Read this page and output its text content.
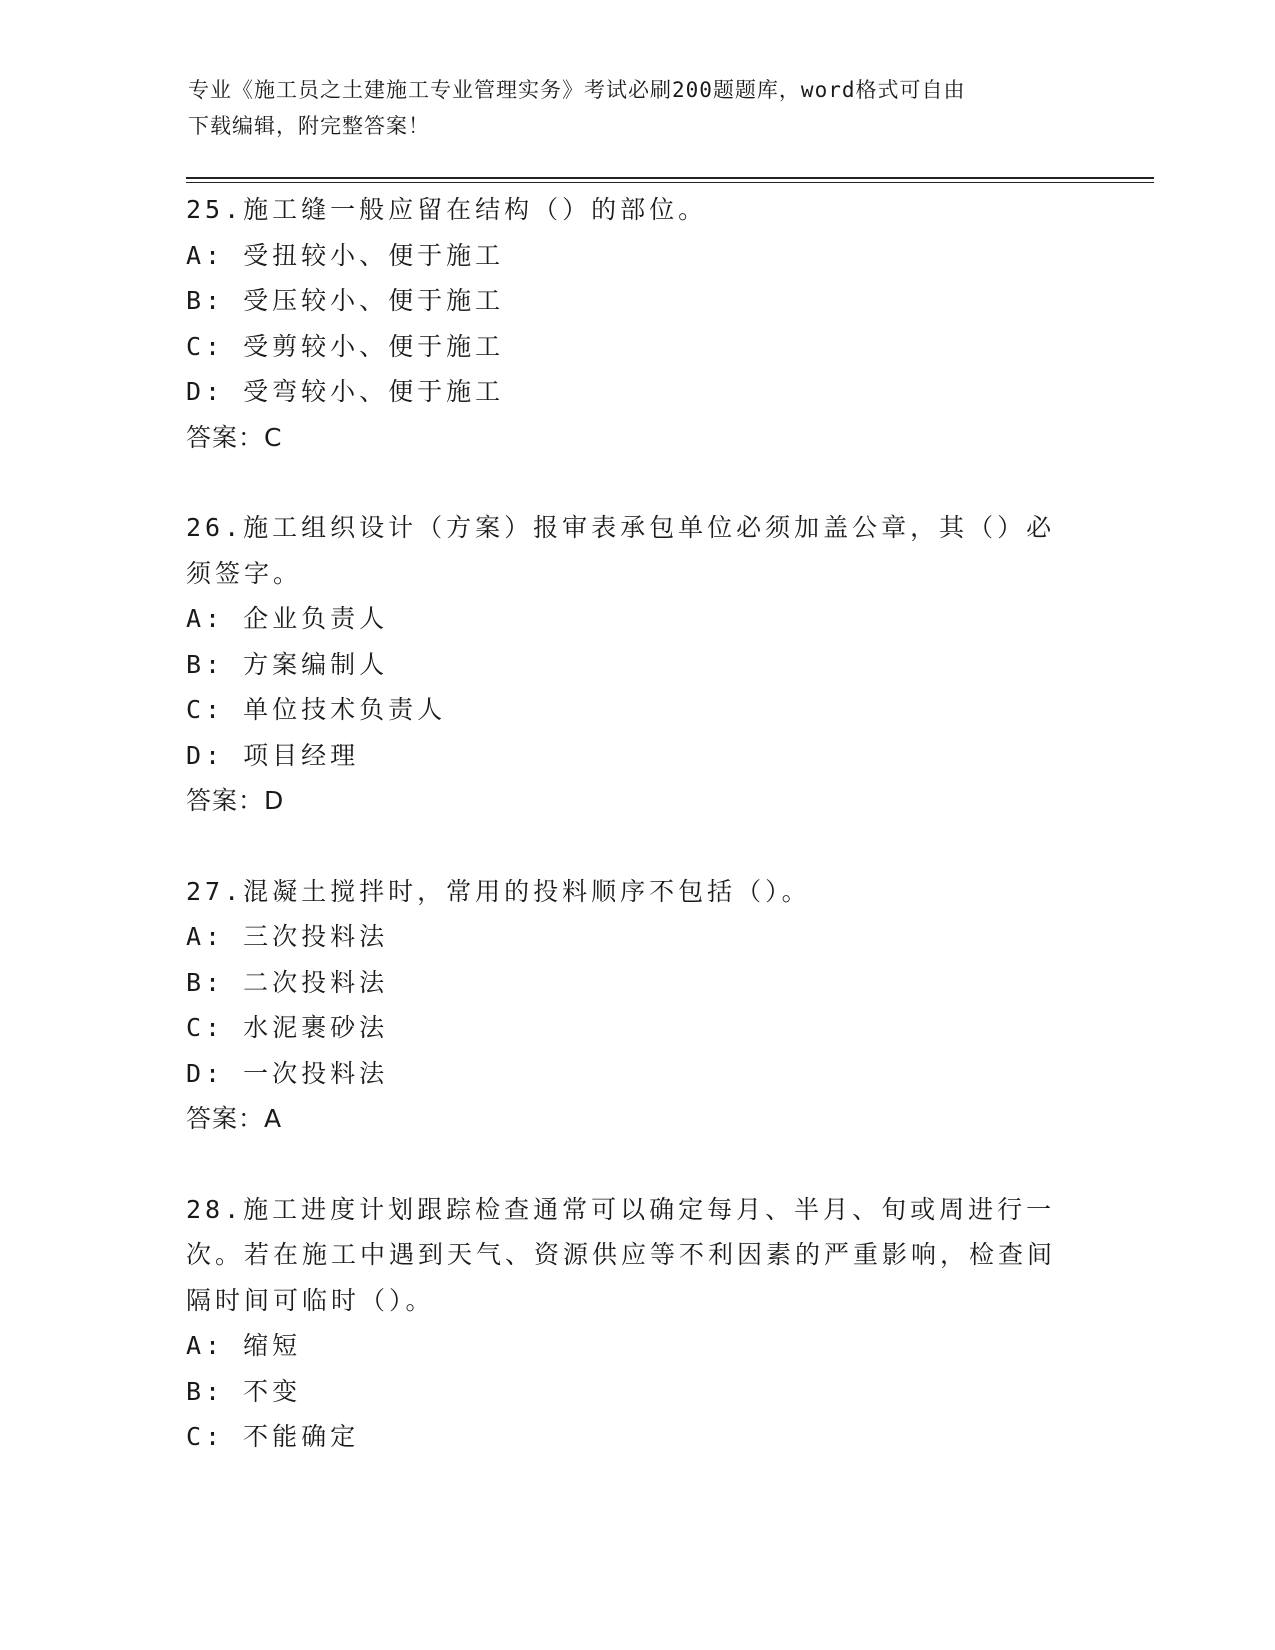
专业《施工员之土建施工专业管理实务》考试必刷200题题库，word格式可自由
下载编辑，附完整答案！
25.施工缝一般应留在结构（）的部位。
A: 受扭较小、便于施工
B: 受压较小、便于施工
C: 受剪较小、便于施工
D: 受弯较小、便于施工
答案：C
26.施工组织设计（方案）报审表承包单位必须加盖公章，其（）必须签字。
A: 企业负责人
B: 方案编制人
C: 单位技术负责人
D: 项目经理
答案：D
27.混凝土搅拌时，常用的投料顺序不包括（）。
A: 三次投料法
B: 二次投料法
C: 水泥裹砂法
D: 一次投料法
答案：A
28.施工进度计划跟踪检查通常可以确定每月、半月、旬或周进行一次。若在施工中遇到天气、资源供应等不利因素的严重影响，检查间隔时间可临时（）。
A: 缩短
B: 不变
C: 不能确定
